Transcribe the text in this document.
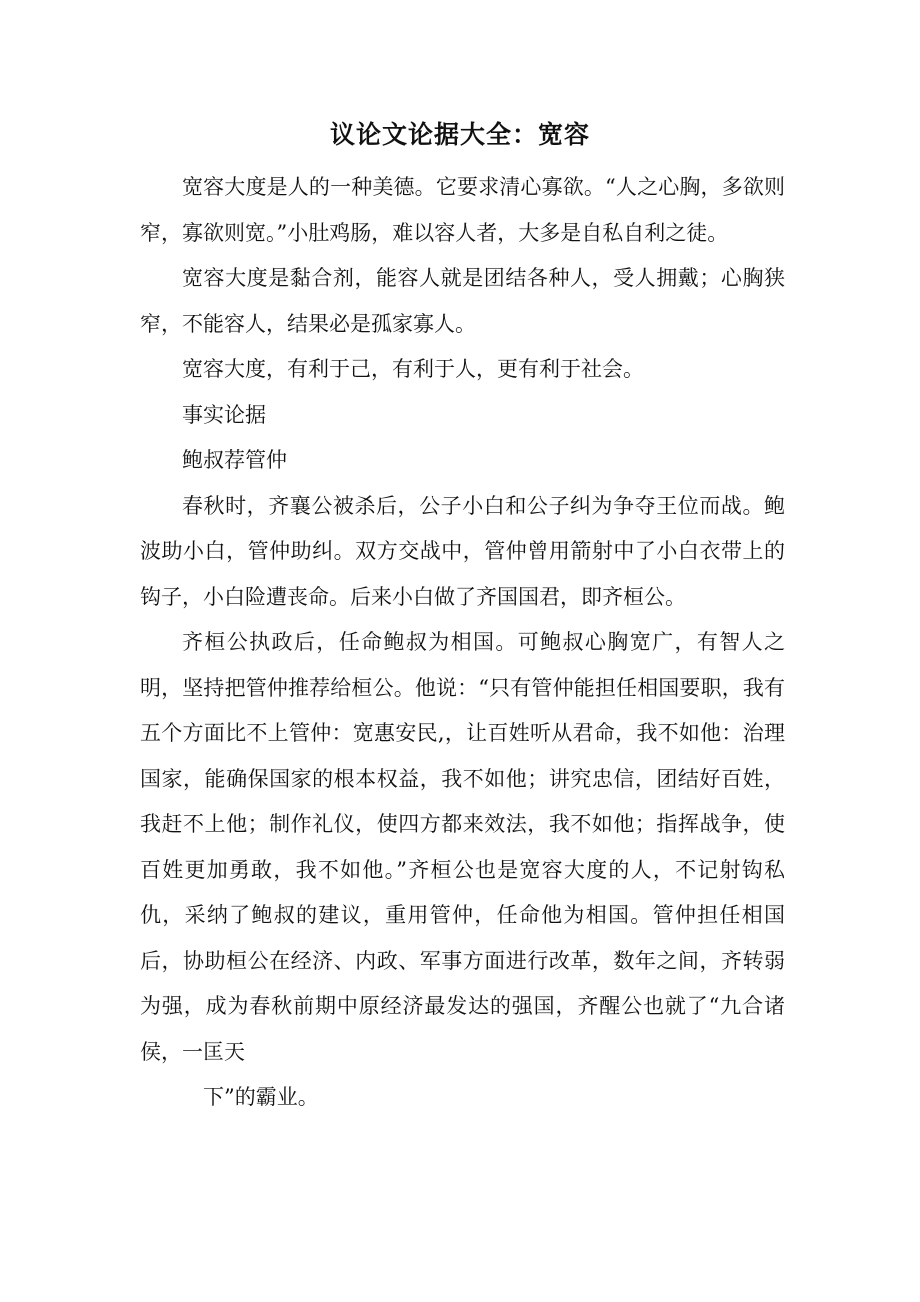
议论文论据大全：宽容

宽容大度是人的一种美德。它要求清心寡欲。“人之心胸，多欲则窄，寡欲则宽。”小肚鸡肠，难以容人者，大多是自私自利之徒。

宽容大度是黏合剂，能容人就是团结各种人，受人拥戴；心胸狭窄，不能容人，结果必是孤家寡人。

宽容大度，有利于己，有利于人，更有利于社会。

事实论据

鲍叔荐管仲

春秋时，齐襄公被杀后，公子小白和公子纠为争夺王位而战。鲍波助小白，管仲助纠。双方交战中，管仲曾用箭射中了小白衣带上的钩子，小白险遭丧命。后来小白做了齐国国君，即齐桓公。

齐桓公执政后，任命鲍叔为相国。可鲍叔心胸宽广，有智人之明，坚持把管仲推荐给桓公。他说：“只有管仲能担任相国要职，我有五个方面比不上管仲：宽惠安民,，让百姓听从君命，我不如他：治理国家，能确保国家的根本权益，我不如他；讲究忠信，团结好百姓，我赶不上他；制作礼仪，使四方都来效法，我不如他；指挥战争，使百姓更加勇敢，我不如他。”齐桓公也是宽容大度的人，不记射钩私仇，采纳了鲍叔的建议，重用管仲，任命他为相国。管仲担任相国后，协助桓公在经济、内政、军事方面进行改革，数年之间，齐转弱为强，成为春秋前期中原经济最发达的强国，齐醒公也就了“九合诸侯，一匡天

下”的霸业。
